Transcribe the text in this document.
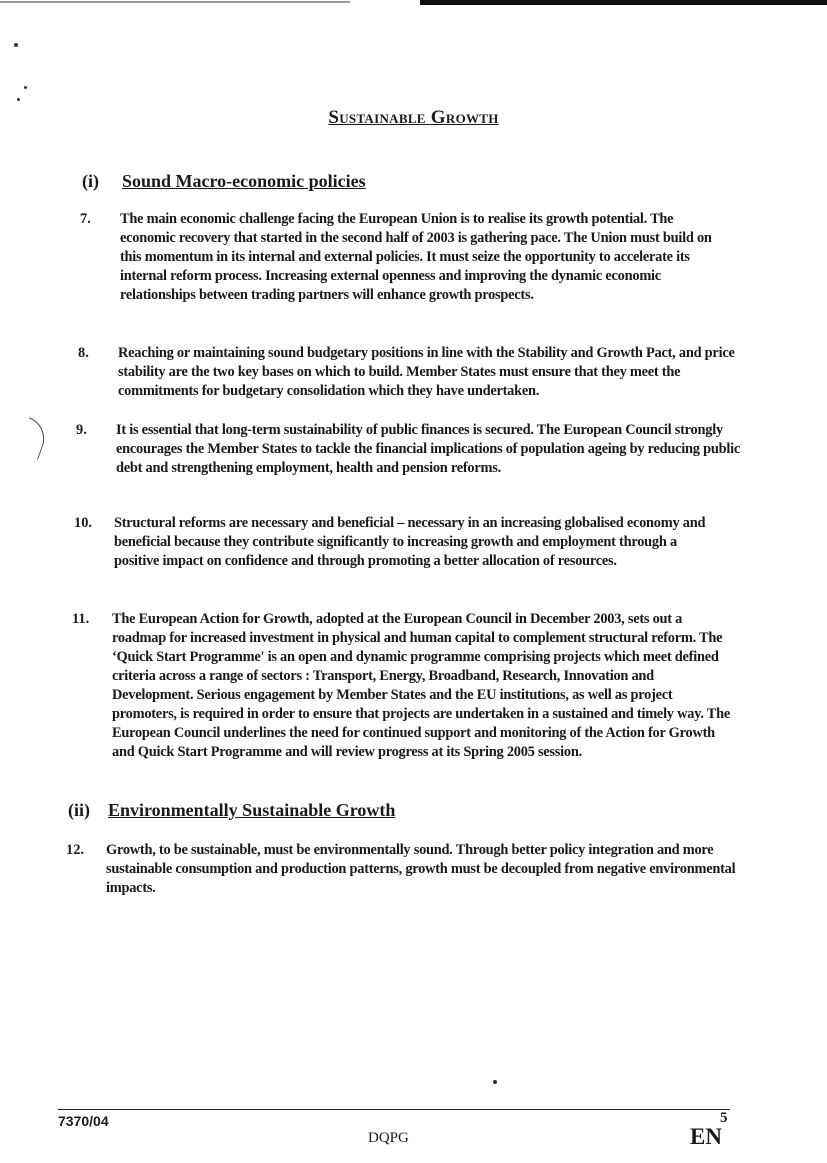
Sustainable Growth
(i) Sound Macro-economic policies
7. The main economic challenge facing the European Union is to realise its growth potential. The economic recovery that started in the second half of 2003 is gathering pace. The Union must build on this momentum in its internal and external policies. It must seize the opportunity to accelerate its internal reform process. Increasing external openness and improving the dynamic economic relationships between trading partners will enhance growth prospects.

8. Reaching or maintaining sound budgetary positions in line with the Stability and Growth Pact, and price stability are the two key bases on which to build. Member States must ensure that they meet the commitments for budgetary consolidation which they have undertaken.

9. It is essential that long-term sustainability of public finances is secured. The European Council strongly encourages the Member States to tackle the financial implications of population ageing by reducing public debt and strengthening employment, health and pension reforms.

10. Structural reforms are necessary and beneficial – necessary in an increasing globalised economy and beneficial because they contribute significantly to increasing growth and employment through a positive impact on confidence and through promoting a better allocation of resources.

11. The European Action for Growth, adopted at the European Council in December 2003, sets out a roadmap for increased investment in physical and human capital to complement structural reform. The ‘Quick Start Programme' is an open and dynamic programme comprising projects which meet defined criteria across a range of sectors : Transport, Energy, Broadband, Research, Innovation and Development. Serious engagement by Member States and the EU institutions, as well as project promoters, is required in order to ensure that projects are undertaken in a sustained and timely way. The European Council underlines the need for continued support and monitoring of the Action for Growth and Quick Start Programme and will review progress at its Spring 2005 session.

(ii) Environmentally Sustainable Growth
12. Growth, to be sustainable, must be environmentally sound. Through better policy integration and more sustainable consumption and production patterns, growth must be decoupled from negative environmental impacts.

7370/04	5
DQPG	EN
